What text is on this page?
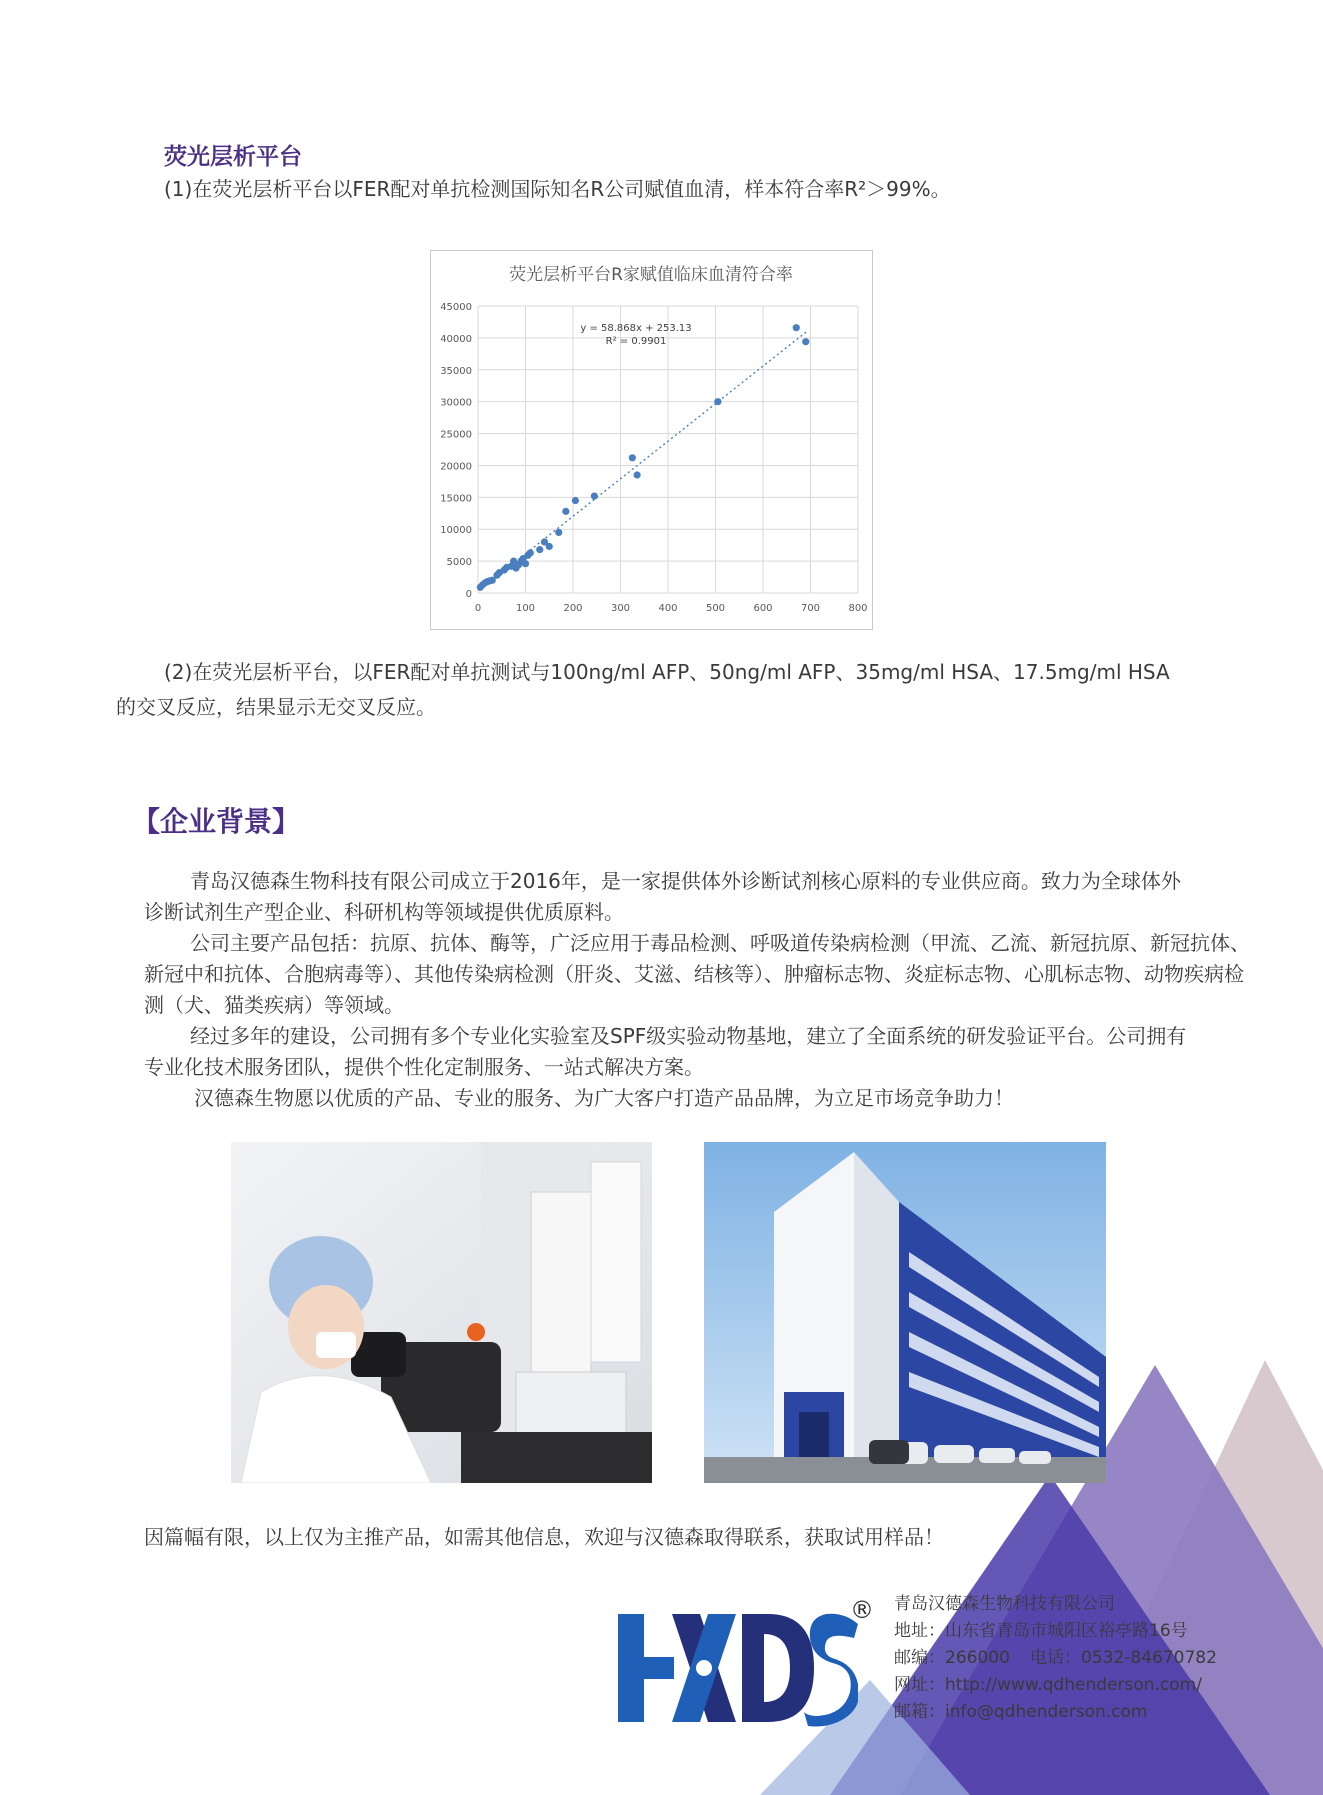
荧光层析平台
(1)在荧光层析平台以FER配对单抗检测国际知名R公司赋值血清，样本符合率R²＞99%。
荧光层析平台R家赋值临床血清符合率
0
5000
10000
15000
20000
25000
30000
35000
40000
45000
0	100	200	300	400	500	600	700	800
y = 58.868x + 253.13
R² = 0.9901
(2)在荧光层析平台，以FER配对单抗测试与100ng/ml AFP、50ng/ml AFP、35mg/ml HSA、17.5mg/ml HSA
的交叉反应，结果显示无交叉反应。
【企业背景】
青岛汉德森生物科技有限公司成立于2016年，是一家提供体外诊断试剂核心原料的专业供应商。致力为全球体外
诊断试剂生产型企业、科研机构等领域提供优质原料。
公司主要产品包括：抗原、抗体、酶等，广泛应用于毒品检测、呼吸道传染病检测（甲流、乙流、新冠抗原、新冠抗体、
新冠中和抗体、合胞病毒等）、其他传染病检测（肝炎、艾滋、结核等）、肿瘤标志物、炎症标志物、心肌标志物、动物疾病检
测（犬、猫类疾病）等领域。
经过多年的建设，公司拥有多个专业化实验室及SPF级实验动物基地，建立了全面系统的研发验证平台。公司拥有
专业化技术服务团队，提供个性化定制服务、一站式解决方案。
汉德森生物愿以优质的产品、专业的服务、为广大客户打造产品品牌，为立足市场竞争助力！
因篇幅有限，以上仅为主推产品，如需其他信息，欢迎与汉德森取得联系，获取试用样品！
® 青岛汉德森生物科技有限公司
地址：山东省青岛市城阳区裕亭路16号
邮编：266000 电话：0532-84670782
网址：http://www.qdhenderson.com/
邮箱：info@qdhenderson.com
